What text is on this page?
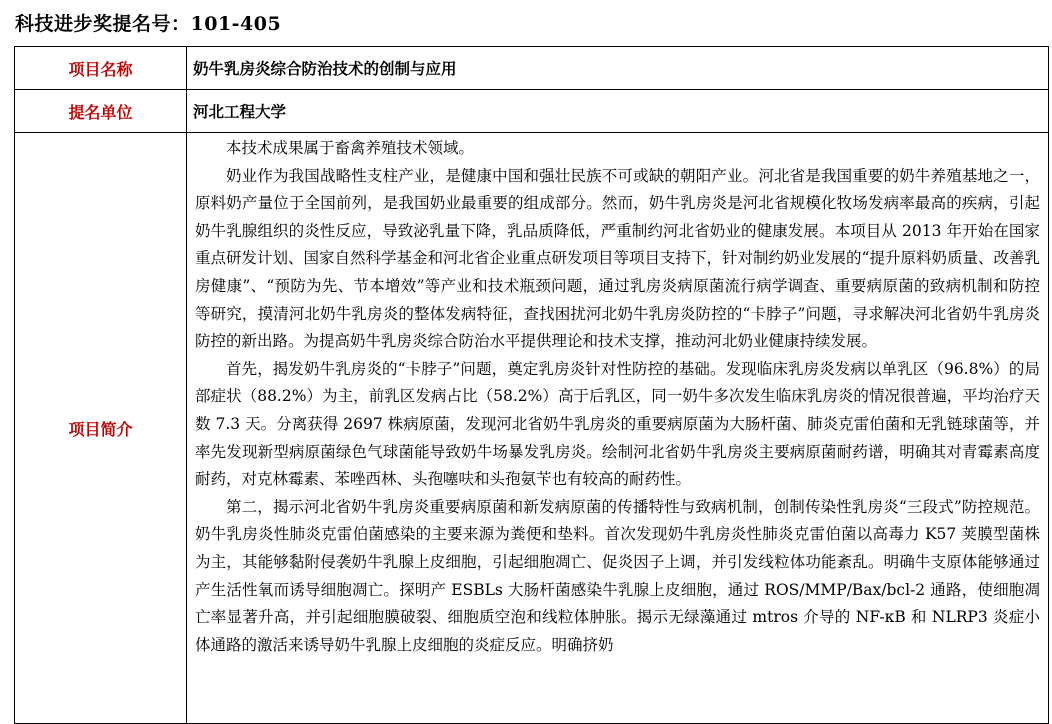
科技进步奖提名号：101-405
项目名称	奶牛乳房炎综合防治技术的创制与应用
提名单位	河北工程大学
项目简介	本技术成果属于畜禽养殖技术领域。

奶业作为我国战略性支柱产业，是健康中国和强壮民族不可或缺的朝阳产业。河北省是我国重要的奶牛养殖基地之一，原料奶产量位于全国前列，是我国奶业最重要的组成部分。然而，奶牛乳房炎是河北省规模化牧场发病率最高的疾病，引起奶牛乳腺组织的炎性反应，导致泌乳量下降，乳品质降低，严重制约河北省奶业的健康发展。本项目从 2013 年开始在国家重点研发计划、国家自然科学基金和河北省企业重点研发项目等项目支持下，针对制约奶业发展的“提升原料奶质量、改善乳房健康”、“预防为先、节本增效”等产业和技术瓶颈问题，通过乳房炎病原菌流行病学调查、重要病原菌的致病机制和防控等研究，摸清河北奶牛乳房炎的整体发病特征，查找困扰河北奶牛乳房炎防控的“卡脖子”问题，寻求解决河北省奶牛乳房炎防控的新出路。为提高奶牛乳房炎综合防治水平提供理论和技术支撑，推动河北奶业健康持续发展。

首先，揭发奶牛乳房炎的“卡脖子”问题，奠定乳房炎针对性防控的基础。发现临床乳房炎发病以单乳区（96.8%）的局部症状（88.2%）为主，前乳区发病占比（58.2%）高于后乳区，同一奶牛多次发生临床乳房炎的情况很普遍，平均治疗天数 7.3 天。分离获得 2697 株病原菌，发现河北省奶牛乳房炎的重要病原菌为大肠杆菌、肺炎克雷伯菌和无乳链球菌等，并率先发现新型病原菌绿色气球菌能导致奶牛场暴发乳房炎。绘制河北省奶牛乳房炎主要病原菌耐药谱，明确其对青霉素高度耐药，对克林霉素、苯唑西林、头孢噻呋和头孢氨苄也有较高的耐药性。

第二，揭示河北省奶牛乳房炎重要病原菌和新发病原菌的传播特性与致病机制，创制传染性乳房炎“三段式”防控规范。奶牛乳房炎性肺炎克雷伯菌感染的主要来源为粪便和垫料。首次发现奶牛乳房炎性肺炎克雷伯菌以高毒力 K57 荚膜型菌株为主，其能够黏附侵袭奶牛乳腺上皮细胞，引起细胞凋亡、促炎因子上调，并引发线粒体功能紊乱。明确牛支原体能够通过产生活性氧而诱导细胞凋亡。探明产 ESBLs 大肠杆菌感染牛乳腺上皮细胞，通过 ROS/MMP/Bax/bcl-2 通路，使细胞凋亡率显著升高，并引起细胞膜破裂、细胞质空泡和线粒体肿胀。揭示无绿藻通过 mtros 介导的 NF-κB 和 NLRP3 炎症小体通路的激活来诱导奶牛乳腺上皮细胞的炎症反应。明确挤奶
